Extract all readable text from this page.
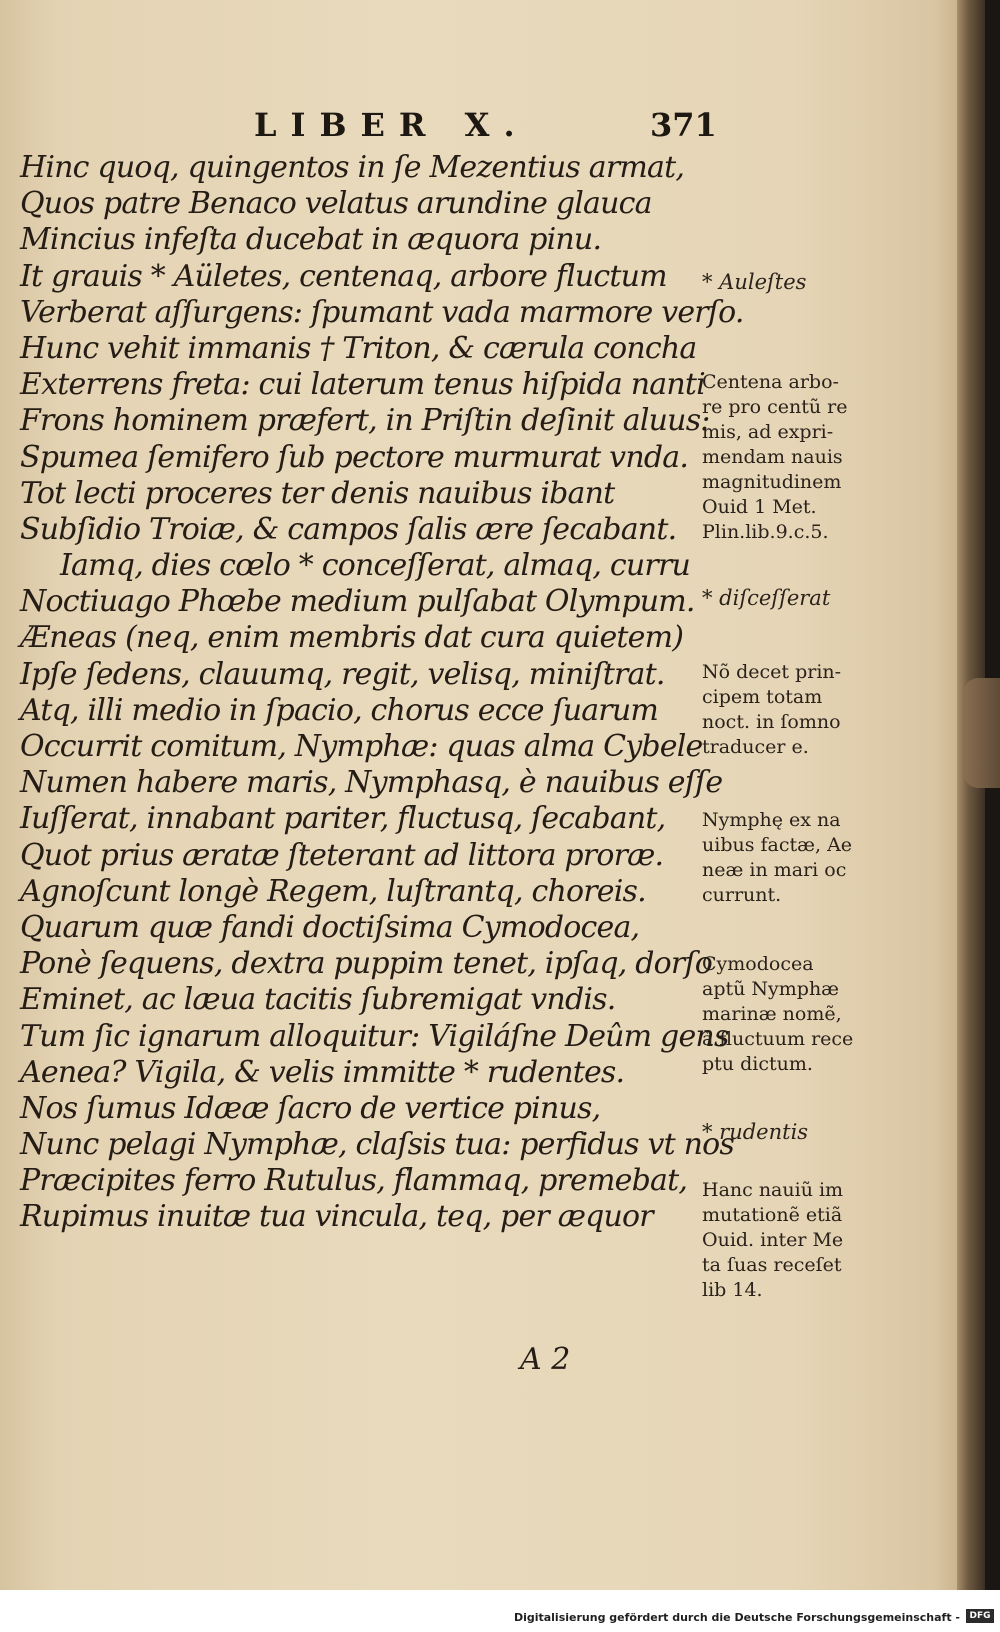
LIBER X.	371
Hinc quoq, quingentos in ſe Mezentius armat,
Quos patre Benaco velatus arundine glauca
Mincius infeſta ducebat in æquora pinu.
It grauis * Aületes, centenaq, arbore fluctum
Verberat aſſurgens: ſpumant vada marmore verſo.
Hunc vehit immanis † Triton, & cærula concha
Exterrens freta: cui laterum tenus hiſpida nanti
Frons hominem præfert, in Priſtin deſinit aluus:
Spumea ſemifero ſub pectore murmurat vnda.
Tot lecti proceres ter denis nauibus ibant
Subſidio Troiæ, & campos ſalis ære ſecabant.
Iamq, dies cœlo * conceſſerat, almaq, curru
Noctiuago Phœbe medium pulſabat Olympum.
Æneas (neq, enim membris dat cura quietem)
Ipſe ſedens, clauumq, regit, velisq, miniſtrat.
Atq, illi medio in ſpacio, chorus ecce ſuarum
Occurrit comitum, Nymphæ: quas alma Cybele
Numen habere maris, Nymphasq, è nauibus eſſe
Iuſſerat, innabant pariter, fluctusq, ſecabant,
Quot prius æratæ ſteterant ad littora proræ.
Agnoſcunt longè Regem, luſtrantq, choreis.
Quarum quæ fandi doctiſsima Cymodocea,
Ponè ſequens, dextra puppim tenet, ipſaq, dorſo
Eminet, ac læua tacitis ſubremigat vndis.
Tum ſic ignarum alloquitur: Vigiláſne Deûm gens
Aenea? Vigila, & velis immitte * rudentes.
Nos ſumus Idææ ſacro de vertice pinus,
Nunc pelagi Nymphæ, claſsis tua: perfidus vt nos
Præcipites ferro Rutulus, flammaq, premebat,
Rupimus inuitæ tua vincula, teq, per æquor
* Auleſtes
Centena arbo-
re pro centũ re
mis, ad expri-
mendam nauis
magnitudinem
Ouid 1 Met.
Plin.lib.9.c.5.
* diſceſſerat
Nõ decet prin-
cipem totam
noct. in ſomno
traducer e.
Nymphę ex na
uibus factæ, Ae
neæ in mari oc
currunt.
Cymodocea
aptũ Nymphæ
marinæ nomẽ,
à fluctuum rece
ptu dictum.
* rudentis
Hanc nauiũ im
mutationẽ etiã
Ouid. inter Me
ta ſuas receſet
lib 14.
A 2
Digitalisierung gefördert durch die Deutsche Forschungsgemeinschaft -	DFG
